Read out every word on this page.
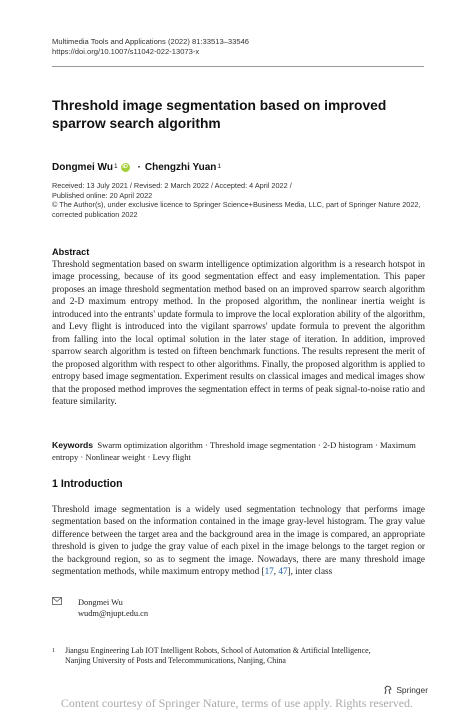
Multimedia Tools and Applications (2022) 81:33513–33546
https://doi.org/10.1007/s11042-022-13073-x
Threshold image segmentation based on improved
sparrow search algorithm
Dongmei Wu$^1$ iD · Chengzhi Yuan$^1$
Received: 13 July 2021 / Revised: 2 March 2022 / Accepted: 4 April 2022 /
Published online: 20 April 2022
© The Author(s), under exclusive licence to Springer Science+Business Media, LLC, part of Springer Nature 2022,
corrected publication 2022
Abstract
Threshold segmentation based on swarm intelligence optimization algorithm is a research hotspot in image processing, because of its good segmentation effect and easy implementation. This paper proposes an image threshold segmentation method based on an improved sparrow search algorithm and 2-D maximum entropy method. In the proposed algorithm, the nonlinear inertia weight is introduced into the entrants' update formula to improve the local exploration ability of the algorithm, and Levy flight is introduced into the vigilant sparrows' update formula to prevent the algorithm from falling into the local optimal solution in the later stage of iteration. In addition, improved sparrow search algorithm is tested on fifteen benchmark functions. The results represent the merit of the proposed algorithm with respect to other algorithms. Finally, the proposed algorithm is applied to entropy based image segmentation. Experiment results on classical images and medical images show that the proposed method improves the segmentation effect in terms of peak signal-to-noise ratio and feature similarity.
Keywords Swarm optimization algorithm · Threshold image segmentation · 2-D histogram · Maximum entropy · Nonlinear weight · Levy flight
1 Introduction
Threshold image segmentation is a widely used segmentation technology that performs image segmentation based on the information contained in the image gray-level histogram. The gray value difference between the target area and the background area in the image is compared, an appropriate threshold is given to judge the gray value of each pixel in the image belongs to the target region or the background region, so as to segment the image. Nowadays, there are many threshold image segmentation methods, while maximum entropy method [17, 47], inter class
Dongmei Wu
wudm@njupt.edu.cn
1	Jiangsu Engineering Lab IOT Intelligent Robots, School of Automation & Artificial Intelligence,
Nanjing University of Posts and Telecommunications, Nanjing, China
Springer
Content courtesy of Springer Nature, terms of use apply. Rights reserved.
